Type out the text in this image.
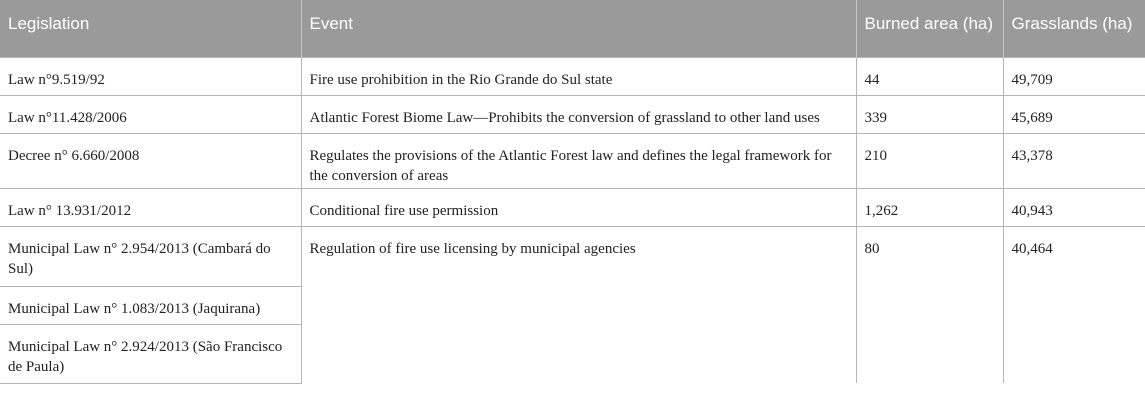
Legislation	Event	Burned area (ha)	Grasslands (ha)
Law n°9.519/92	Fire use prohibition in the Rio Grande do Sul state	44	49,709
Law n°11.428/2006	Atlantic Forest Biome Law—Prohibits the conversion of grassland to other land uses	339	45,689
Decree n° 6.660/2008	Regulates the provisions of the Atlantic Forest law and defines the legal framework for the conversion of areas	210	43,378
Law n° 13.931/2012	Conditional fire use permission	1,262	40,943
Municipal Law n° 2.954/2013 (Cambará do Sul)	Regulation of fire use licensing by municipal agencies	80	40,464
Municipal Law n° 1.083/2013 (Jaquirana)			
Municipal Law n° 2.924/2013 (São Francisco de Paula)			
